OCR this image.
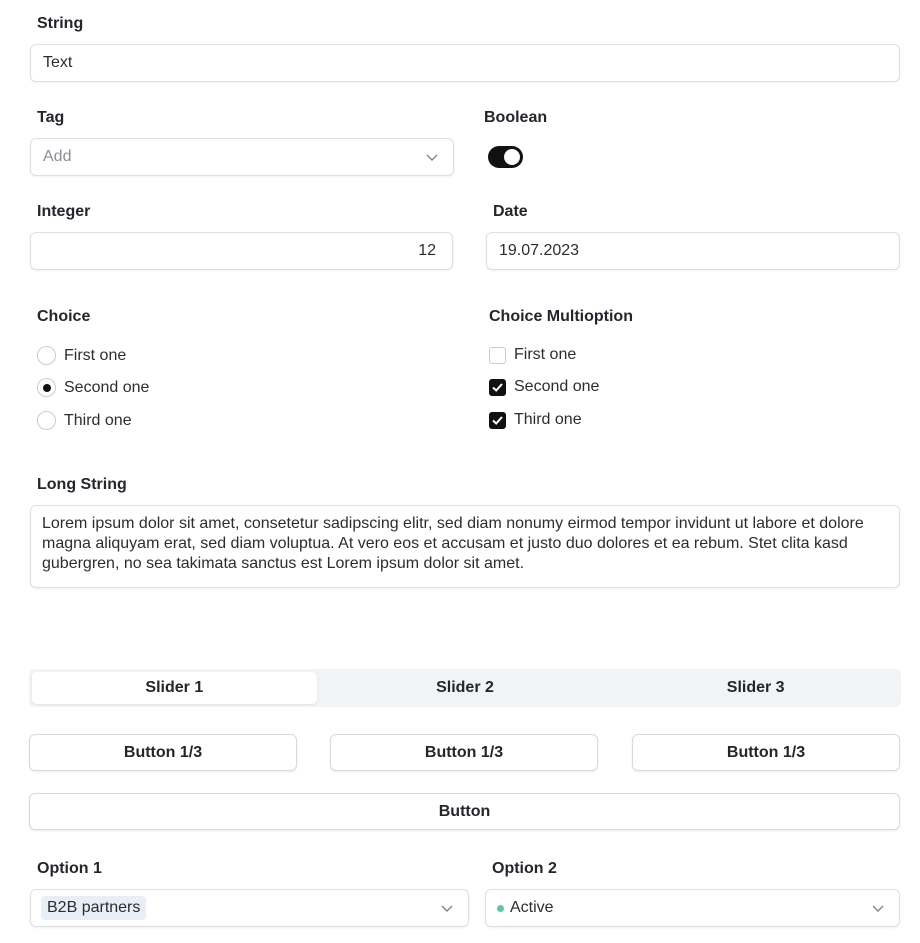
String
Text
Tag
Add
Boolean
Integer
12
Date
19.07.2023
Choice
First one
Second one
Third one
Choice Multioption
First one
Second one
Third one
Long String
Lorem ipsum dolor sit amet, consetetur sadipscing elitr, sed diam nonumy eirmod tempor invidunt ut labore et dolore magna aliquyam erat, sed diam voluptua. At vero eos et accusam et justo duo dolores et ea rebum. Stet clita kasd gubergren, no sea takimata sanctus est Lorem ipsum dolor sit amet.
Slider 1	Slider 2	Slider 3
Button 1/3	Button 1/3	Button 1/3
Button
Option 1
B2B partners
Option 2
Active
